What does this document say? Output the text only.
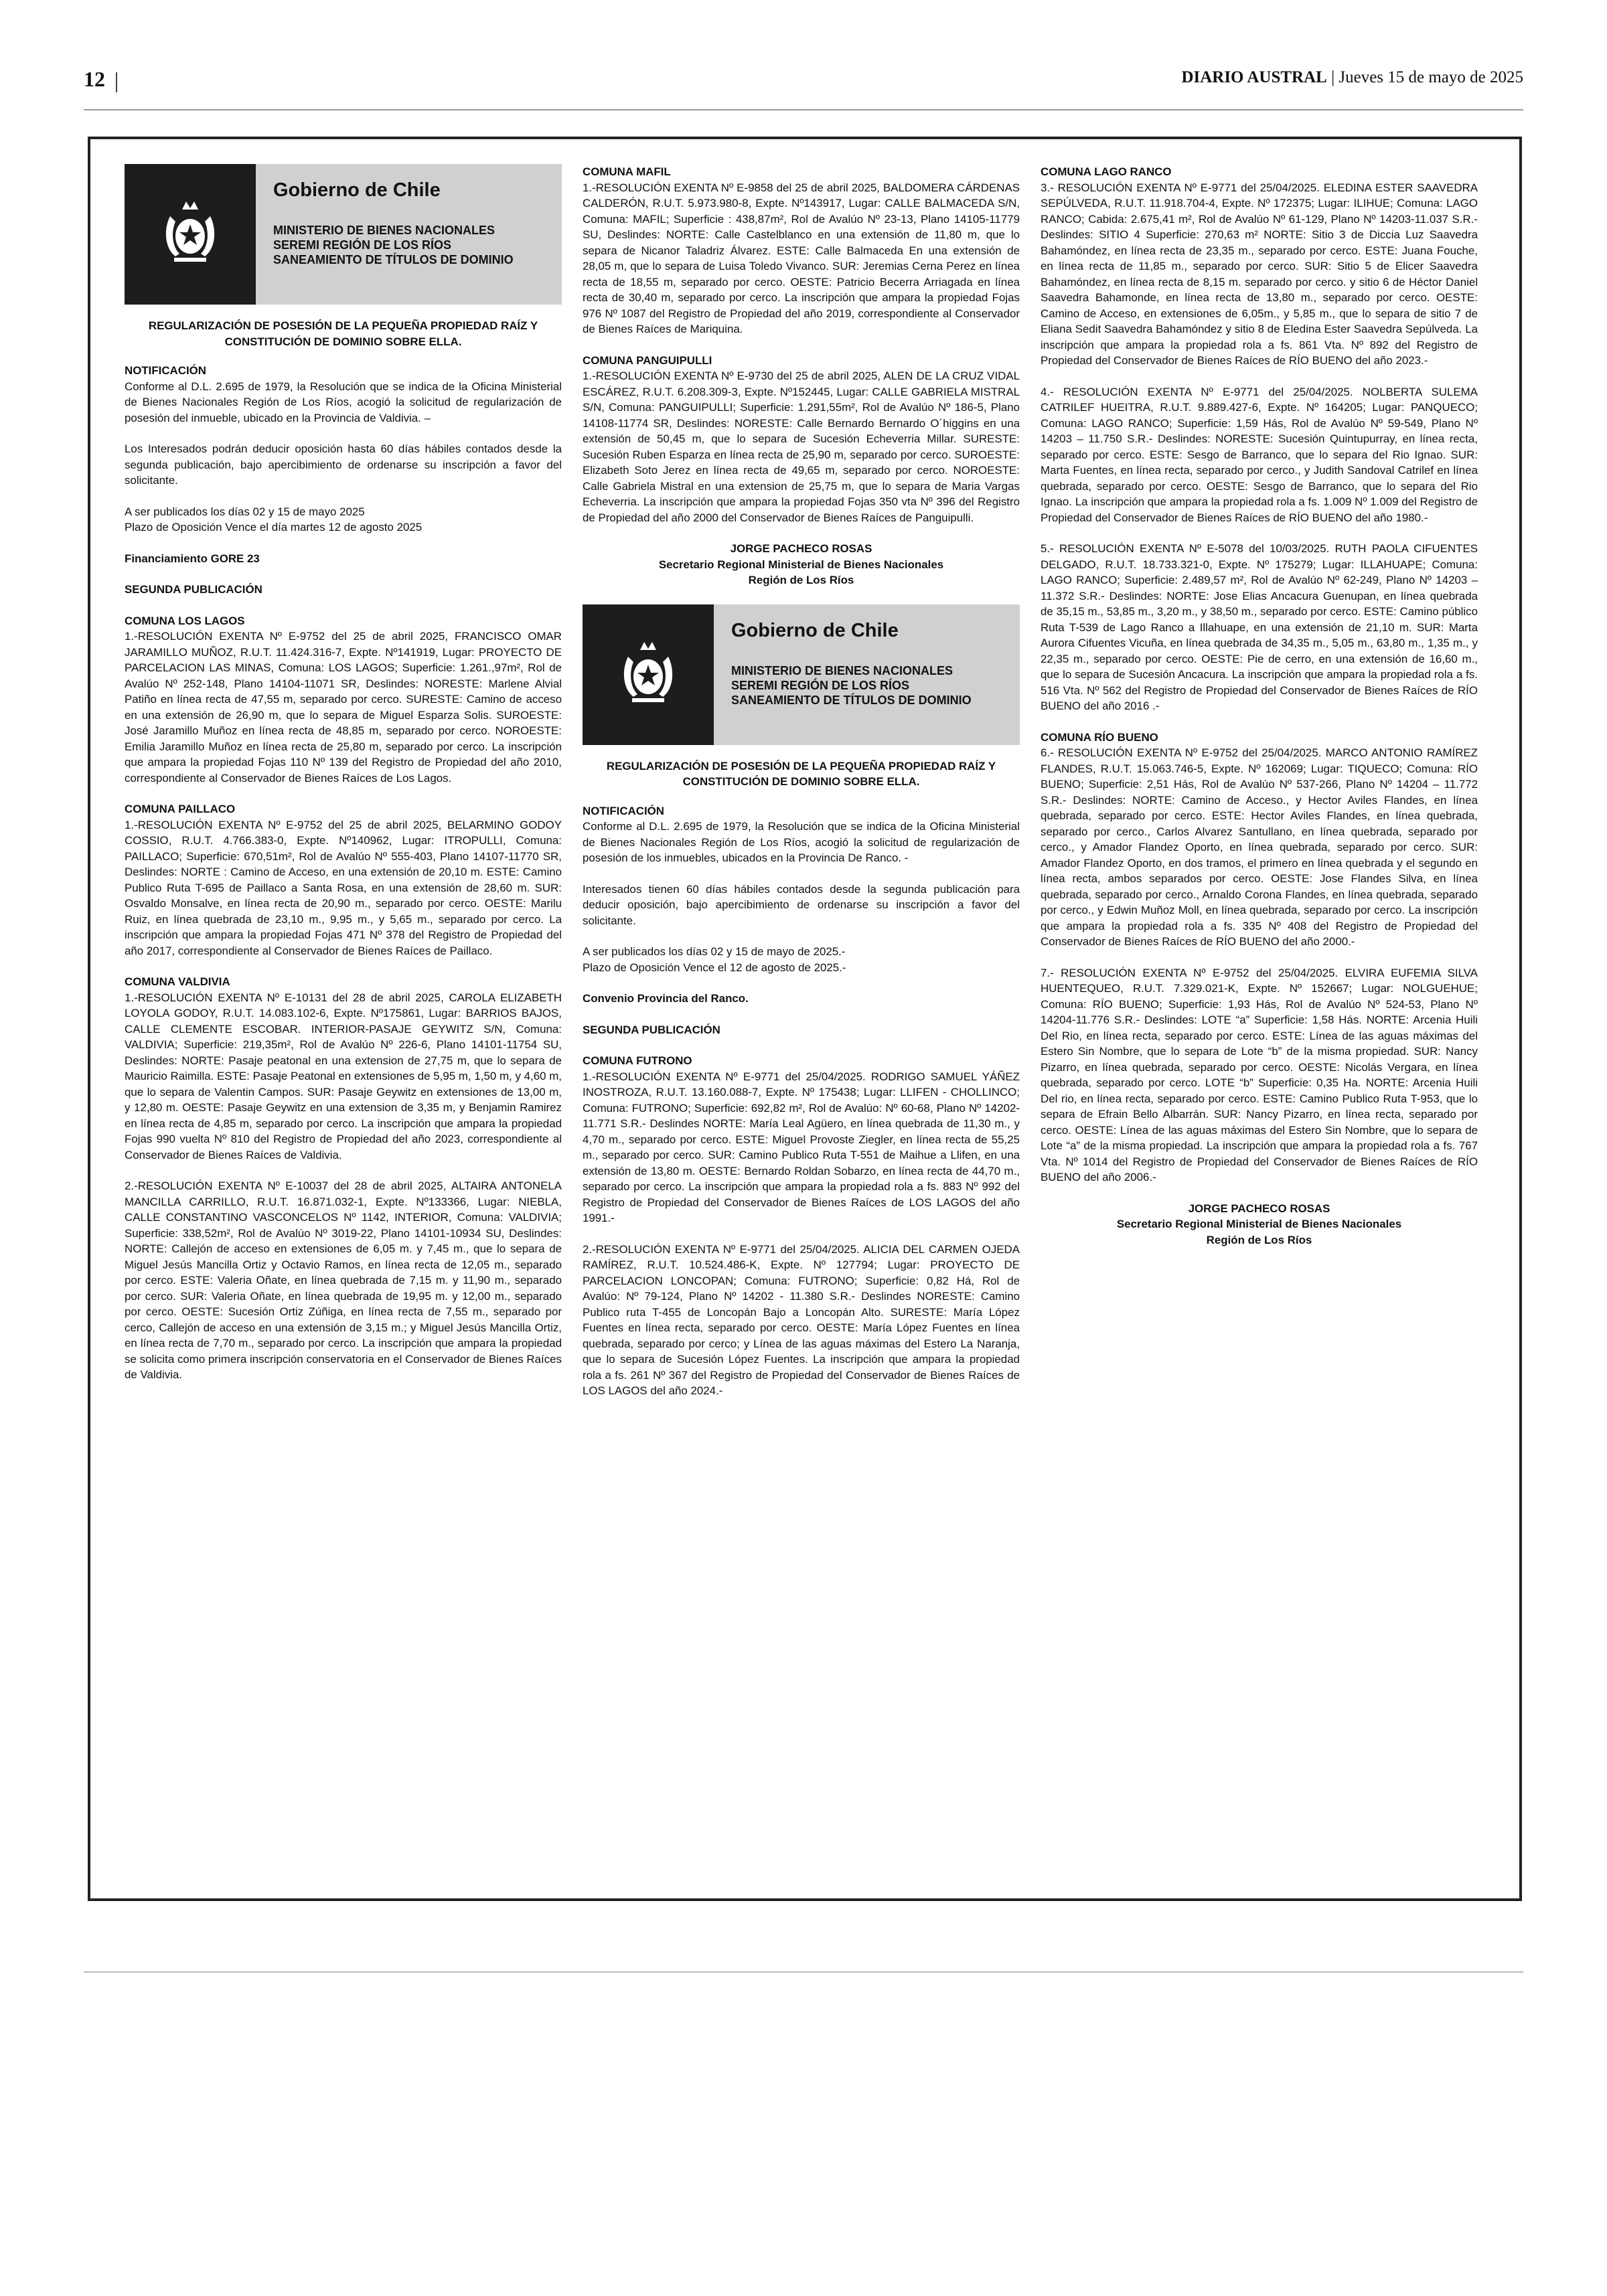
12	DIARIO AUSTRAL | Jueves 15 de mayo de 2025
Gobierno de Chile
MINISTERIO DE BIENES NACIONALES
SEREMI REGIÓN DE LOS RÍOS
SANEAMIENTO DE TÍTULOS DE DOMINIO

REGULARIZACIÓN DE POSESIÓN DE LA PEQUEÑA PROPIEDAD RAÍZ Y CONSTITUCIÓN DE DOMINIO SOBRE ELLA.

NOTIFICACIÓN

Conforme al D.L. 2.695 de 1979, la Resolución que se indica de la Oficina Ministerial de Bienes Nacionales Región de Los Ríos, acogió la solicitud de regularización de posesión del inmueble, ubicado en la Provincia de Valdivia. –

Los Interesados podrán deducir oposición hasta 60 días hábiles contados desde la segunda publicación, bajo apercibimiento de ordenarse su inscripción a favor del solicitante.

A ser publicados los días 02 y 15 de mayo 2025

Plazo de Oposición Vence el día martes 12 de agosto 2025

Financiamiento GORE 23

SEGUNDA PUBLICACIÓN

COMUNA LOS LAGOS

1.-RESOLUCIÓN EXENTA Nº E-9752 del 25 de abril 2025, FRANCISCO OMAR JARAMILLO MUÑOZ, R.U.T. 11.424.316-7, Expte. Nº141919, Lugar: PROYECTO DE PARCELACION LAS MINAS, Comuna: LOS LAGOS; Superficie: 1.261.,97m², Rol de Avalúo Nº 252-148, Plano 14104-11071 SR, Deslindes: NORESTE: Marlene Alvial Patiño en línea recta de 47,55 m, separado por cerco. SURESTE: Camino de acceso en una extensión de 26,90 m, que lo separa de Miguel Esparza Solis. SUROESTE: José Jaramillo Muñoz en línea recta de 48,85 m, separado por cerco. NOROESTE: Emilia Jaramillo Muñoz en línea recta de 25,80 m, separado por cerco. La inscripción que ampara la propiedad Fojas 110 Nº 139 del Registro de Propiedad del año 2010, correspondiente al Conservador de Bienes Raíces de Los Lagos.

COMUNA PAILLACO

1.-RESOLUCIÓN EXENTA Nº E-9752 del 25 de abril 2025, BELARMINO GODOY COSSIO, R.U.T. 4.766.383-0, Expte. Nº140962, Lugar: ITROPULLI, Comuna: PAILLACO; Superficie: 670,51m², Rol de Avalúo Nº 555-403, Plano 14107-11770 SR, Deslindes: NORTE : Camino de Acceso, en una extensión de 20,10 m. ESTE: Camino Publico Ruta T-695 de Paillaco a Santa Rosa, en una extensión de 28,60 m. SUR: Osvaldo Monsalve, en línea recta de 20,90 m., separado por cerco. OESTE: Marilu Ruiz, en línea quebrada de 23,10 m., 9,95 m., y 5,65 m., separado por cerco. La inscripción que ampara la propiedad Fojas 471 Nº 378 del Registro de Propiedad del año 2017, correspondiente al Conservador de Bienes Raíces de Paillaco.

COMUNA VALDIVIA

1.-RESOLUCIÓN EXENTA Nº E-10131 del 28 de abril 2025, CAROLA ELIZABETH LOYOLA GODOY, R.U.T. 14.083.102-6, Expte. Nº175861, Lugar: BARRIOS BAJOS, CALLE CLEMENTE ESCOBAR. INTERIOR-PASAJE GEYWITZ S/N, Comuna: VALDIVIA; Superficie: 219,35m², Rol de Avalúo Nº 226-6, Plano 14101-11754 SU, Deslindes: NORTE: Pasaje peatonal en una extension de 27,75 m, que lo separa de Mauricio Raimilla. ESTE: Pasaje Peatonal en extensiones de 5,95 m, 1,50 m, y 4,60 m, que lo separa de Valentin Campos. SUR: Pasaje Geywitz en extensiones de 13,00 m, y 12,80 m. OESTE: Pasaje Geywitz en una extension de 3,35 m, y Benjamin Ramirez en línea recta de 4,85 m, separado por cerco. La inscripción que ampara la propiedad Fojas 990 vuelta Nº 810 del Registro de Propiedad del año 2023, correspondiente al Conservador de Bienes Raíces de Valdivia.

2.-RESOLUCIÓN EXENTA Nº E-10037 del 28 de abril 2025, ALTAIRA ANTONELA MANCILLA CARRILLO, R.U.T. 16.871.032-1, Expte. Nº133366, Lugar: NIEBLA, CALLE CONSTANTINO VASCONCELOS Nº 1142, INTERIOR, Comuna: VALDIVIA; Superficie: 338,52m², Rol de Avalúo Nº 3019-22, Plano 14101-10934 SU, Deslindes: NORTE: Callejón de acceso en extensiones de 6,05 m. y 7,45 m., que lo separa de Miguel Jesús Mancilla Ortiz y Octavio Ramos, en línea recta de 12,05 m., separado por cerco. ESTE: Valeria Oñate, en línea quebrada de 7,15 m. y 11,90 m., separado por cerco. SUR: Valeria Oñate, en línea quebrada de 19,95 m. y 12,00 m., separado por cerco. OESTE: Sucesión Ortiz Zúñiga, en línea recta de 7,55 m., separado por cerco, Callejón de acceso en una extensión de 3,15 m.; y Miguel Jesús Mancilla Ortiz, en línea recta de 7,70 m., separado por cerco. La inscripción que ampara la propiedad se solicita como primera inscripción conservatoria en el Conservador de Bienes Raíces de Valdivia.

COMUNA MAFIL

1.-RESOLUCIÓN EXENTA Nº E-9858 del 25 de abril 2025, BALDOMERA CÁRDENAS CALDERÓN, R.U.T. 5.973.980-8, Expte. Nº143917, Lugar: CALLE BALMACEDA S/N, Comuna: MAFIL; Superficie : 438,87m², Rol de Avalúo Nº 23-13, Plano 14105-11779 SU, Deslindes: NORTE: Calle Castelblanco en una extensión de 11,80 m, que lo separa de Nicanor Taladriz Álvarez. ESTE: Calle Balmaceda En una extensión de 28,05 m, que lo separa de Luisa Toledo Vivanco. SUR: Jeremias Cerna Perez en línea recta de 18,55 m, separado por cerco. OESTE: Patricio Becerra Arriagada en línea recta de 30,40 m, separado por cerco. La inscripción que ampara la propiedad Fojas 976 Nº 1087 del Registro de Propiedad del año 2019, correspondiente al Conservador de Bienes Raíces de Mariquina.

COMUNA PANGUIPULLI

1.-RESOLUCIÓN EXENTA Nº E-9730 del 25 de abril 2025, ALEN DE LA CRUZ VIDAL ESCÁREZ, R.U.T. 6.208.309-3, Expte. Nº152445, Lugar: CALLE GABRIELA MISTRAL S/N, Comuna: PANGUIPULLI; Superficie: 1.291,55m², Rol de Avalúo Nº 186-5, Plano 14108-11774 SR, Deslindes: NORESTE: Calle Bernardo Bernardo O´higgins en una extensión de 50,45 m, que lo separa de Sucesión Echeverria Millar. SURESTE: Sucesión Ruben Esparza en línea recta de 25,90 m, separado por cerco. SUROESTE: Elizabeth Soto Jerez en línea recta de 49,65 m, separado por cerco. NOROESTE: Calle Gabriela Mistral en una extension de 25,75 m, que lo separa de Maria Vargas Echeverria. La inscripción que ampara la propiedad Fojas 350 vta Nº 396 del Registro de Propiedad del año 2000 del Conservador de Bienes Raíces de Panguipulli.

JORGE PACHECO ROSAS

Secretario Regional Ministerial de Bienes Nacionales

Región de Los Ríos

Gobierno de Chile
MINISTERIO DE BIENES NACIONALES
SEREMI REGIÓN DE LOS RÍOS
SANEAMIENTO DE TÍTULOS DE DOMINIO

REGULARIZACIÓN DE POSESIÓN DE LA PEQUEÑA PROPIEDAD RAÍZ Y CONSTITUCIÓN DE DOMINIO SOBRE ELLA.

NOTIFICACIÓN

Conforme al D.L. 2.695 de 1979, la Resolución que se indica de la Oficina Ministerial de Bienes Nacionales Región de Los Ríos, acogió la solicitud de regularización de posesión de los inmuebles, ubicados en la Provincia De Ranco. -

Interesados tienen 60 días hábiles contados desde la segunda publicación para deducir oposición, bajo apercibimiento de ordenarse su inscripción a favor del solicitante.

A ser publicados los días 02 y 15 de mayo de 2025.-

Plazo de Oposición Vence el 12 de agosto de 2025.-

Convenio Provincia del Ranco.

SEGUNDA PUBLICACIÓN

COMUNA FUTRONO

1.-RESOLUCIÓN EXENTA Nº E-9771 del 25/04/2025. RODRIGO SAMUEL YÁÑEZ INOSTROZA, R.U.T. 13.160.088-7, Expte. Nº 175438; Lugar: LLIFEN - CHOLLINCO; Comuna: FUTRONO; Superficie: 692,82 m², Rol de Avalúo: Nº 60-68, Plano Nº 14202-11.771 S.R.- Deslindes NORTE: María Leal Agüero, en línea quebrada de 11,30 m., y 4,70 m., separado por cerco. ESTE: Miguel Provoste Ziegler, en línea recta de 55,25 m., separado por cerco. SUR: Camino Publico Ruta T-551 de Maihue a Llifen, en una extensión de 13,80 m. OESTE: Bernardo Roldan Sobarzo, en línea recta de 44,70 m., separado por cerco. La inscripción que ampara la propiedad rola a fs. 883 Nº 992 del Registro de Propiedad del Conservador de Bienes Raíces de LOS LAGOS del año 1991.-

2.-RESOLUCIÓN EXENTA Nº E-9771 del 25/04/2025. ALICIA DEL CARMEN OJEDA RAMÍREZ, R.U.T. 10.524.486-K, Expte. Nº 127794; Lugar: PROYECTO DE PARCELACION LONCOPAN; Comuna: FUTRONO; Superficie: 0,82 Há, Rol de Avalúo: Nº 79-124, Plano Nº 14202 - 11.380 S.R.- Deslindes NORESTE: Camino Publico ruta T-455 de Loncopán Bajo a Loncopán Alto. SURESTE: María López Fuentes en línea recta, separado por cerco. OESTE: María López Fuentes en línea quebrada, separado por cerco; y Línea de las aguas máximas del Estero La Naranja, que lo separa de Sucesión López Fuentes. La inscripción que ampara la propiedad rola a fs. 261 Nº 367 del Registro de Propiedad del Conservador de Bienes Raíces de LOS LAGOS del año 2024.-

COMUNA LAGO RANCO

3.- RESOLUCIÓN EXENTA Nº E-9771 del 25/04/2025. ELEDINA ESTER SAAVEDRA SEPÚLVEDA, R.U.T. 11.918.704-4, Expte. Nº 172375; Lugar: ILIHUE; Comuna: LAGO RANCO; Cabida: 2.675,41 m², Rol de Avalúo Nº 61-129, Plano Nº 14203-11.037 S.R.- Deslindes: SITIO 4 Superficie: 270,63 m² NORTE: Sitio 3 de Diccia Luz Saavedra Bahamóndez, en línea recta de 23,35 m., separado por cerco. ESTE: Juana Fouche, en línea recta de 11,85 m., separado por cerco. SUR: Sitio 5 de Elicer Saavedra Bahamóndez, en línea recta de 8,15 m. separado por cerco. y sitio 6 de Héctor Daniel Saavedra Bahamonde, en línea recta de 13,80 m., separado por cerco. OESTE: Camino de Acceso, en extensiones de 6,05m., y 5,85 m., que lo separa de sitio 7 de Eliana Sedit Saavedra Bahamóndez y sitio 8 de Eledina Ester Saavedra Sepúlveda. La inscripción que ampara la propiedad rola a fs. 861 Vta. Nº 892 del Registro de Propiedad del Conservador de Bienes Raíces de RÍO BUENO del año 2023.-

4.- RESOLUCIÓN EXENTA Nº E-9771 del 25/04/2025. NOLBERTA SULEMA CATRILEF HUEITRA, R.U.T. 9.889.427-6, Expte. Nº 164205; Lugar: PANQUECO; Comuna: LAGO RANCO; Superficie: 1,59 Hás, Rol de Avalúo Nº 59-549, Plano Nº 14203 – 11.750 S.R.- Deslindes: NORESTE: Sucesión Quintupurray, en línea recta, separado por cerco. ESTE: Sesgo de Barranco, que lo separa del Rio Ignao. SUR: Marta Fuentes, en línea recta, separado por cerco., y Judith Sandoval Catrilef en línea quebrada, separado por cerco. OESTE: Sesgo de Barranco, que lo separa del Rio Ignao. La inscripción que ampara la propiedad rola a fs. 1.009 Nº 1.009 del Registro de Propiedad del Conservador de Bienes Raíces de RÍO BUENO del año 1980.-

5.- RESOLUCIÓN EXENTA Nº E-5078 del 10/03/2025. RUTH PAOLA CIFUENTES DELGADO, R.U.T. 18.733.321-0, Expte. Nº 175279; Lugar: ILLAHUAPE; Comuna: LAGO RANCO; Superficie: 2.489,57 m², Rol de Avalúo Nº 62-249, Plano Nº 14203 – 11.372 S.R.- Deslindes: NORTE: Jose Elias Ancacura Guenupan, en línea quebrada de 35,15 m., 53,85 m., 3,20 m., y 38,50 m., separado por cerco. ESTE: Camino público Ruta T-539 de Lago Ranco a Illahuape, en una extensión de 21,10 m. SUR: Marta Aurora Cifuentes Vicuña, en línea quebrada de 34,35 m., 5,05 m., 63,80 m., 1,35 m., y 22,35 m., separado por cerco. OESTE: Pie de cerro, en una extensión de 16,60 m., que lo separa de Sucesión Ancacura. La inscripción que ampara la propiedad rola a fs. 516 Vta. Nº 562 del Registro de Propiedad del Conservador de Bienes Raíces de RÍO BUENO del año 2016 .-

COMUNA RÍO BUENO

6.- RESOLUCIÓN EXENTA Nº E-9752 del 25/04/2025. MARCO ANTONIO RAMÍREZ FLANDES, R.U.T. 15.063.746-5, Expte. Nº 162069; Lugar: TIQUECO; Comuna: RÍO BUENO; Superficie: 2,51 Hás, Rol de Avalúo Nº 537-266, Plano Nº 14204 – 11.772 S.R.- Deslindes: NORTE: Camino de Acceso., y Hector Aviles Flandes, en línea quebrada, separado por cerco. ESTE: Hector Aviles Flandes, en línea quebrada, separado por cerco., Carlos Alvarez Santullano, en línea quebrada, separado por cerco., y Amador Flandez Oporto, en línea quebrada, separado por cerco. SUR: Amador Flandez Oporto, en dos tramos, el primero en línea quebrada y el segundo en línea recta, ambos separados por cerco. OESTE: Jose Flandes Silva, en línea quebrada, separado por cerco., Arnaldo Corona Flandes, en línea quebrada, separado por cerco., y Edwin Muñoz Moll, en línea quebrada, separado por cerco. La inscripción que ampara la propiedad rola a fs. 335 Nº 408 del Registro de Propiedad del Conservador de Bienes Raíces de RÍO BUENO del año 2000.-

7.- RESOLUCIÓN EXENTA Nº E-9752 del 25/04/2025. ELVIRA EUFEMIA SILVA HUENTEQUEO, R.U.T. 7.329.021-K, Expte. Nº 152667; Lugar: NOLGUEHUE; Comuna: RÍO BUENO; Superficie: 1,93 Hás, Rol de Avalúo Nº 524-53, Plano Nº 14204-11.776 S.R.- Deslindes: LOTE “a” Superficie: 1,58 Hás. NORTE: Arcenia Huili Del Rio, en línea recta, separado por cerco. ESTE: Línea de las aguas máximas del Estero Sin Nombre, que lo separa de Lote “b” de la misma propiedad. SUR: Nancy Pizarro, en línea quebrada, separado por cerco. OESTE: Nicolás Vergara, en línea quebrada, separado por cerco. LOTE “b” Superficie: 0,35 Ha. NORTE: Arcenia Huili Del rio, en línea recta, separado por cerco. ESTE: Camino Publico Ruta T-953, que lo separa de Efrain Bello Albarrán. SUR: Nancy Pizarro, en línea recta, separado por cerco. OESTE: Línea de las aguas máximas del Estero Sin Nombre, que lo separa de Lote “a” de la misma propiedad. La inscripción que ampara la propiedad rola a fs. 767 Vta. Nº 1014 del Registro de Propiedad del Conservador de Bienes Raíces de RÍO BUENO del año 2006.-

JORGE PACHECO ROSAS

Secretario Regional Ministerial de Bienes Nacionales

Región de Los Ríos
